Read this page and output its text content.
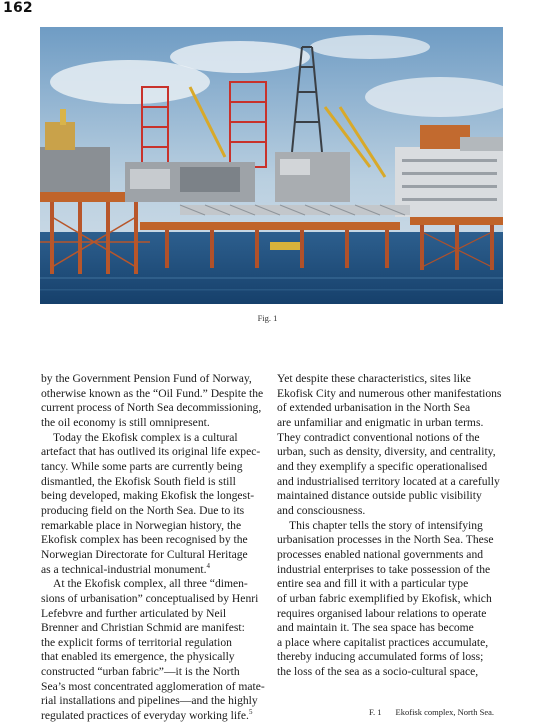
162
Fig. 1
by the Government Pension Fund of Norway,
otherwise known as the “Oil Fund.” Despite the
current process of North Sea decommissioning,
the oil economy is still omnipresent.
Today the Ekofisk complex is a cultural
artefact that has outlived its original life expec-
tancy. While some parts are currently being
dismantled, the Ekofisk South field is still
being developed, making Ekofisk the longest-
producing field on the North Sea. Due to its
remarkable place in Norwegian history, the
Ekofisk complex has been recognised by the
Norwegian Directorate for Cultural Heritage
as a technical-industrial monument.$^4$
At the Ekofisk complex, all three “dimen-
sions of urbanisation” conceptualised by Henri
Lefebvre and further articulated by Neil
Brenner and Christian Schmid are manifest:
the explicit forms of territorial regulation
that enabled its emergence, the physically
constructed “urban fabric”—it is the North
Sea’s most concentrated agglomeration of mate-
rial installations and pipelines—and the highly
regulated practices of everyday working life.$^5$
Yet despite these characteristics, sites like
Ekofisk City and numerous other manifestations
of extended urbanisation in the North Sea
are unfamiliar and enigmatic in urban terms.
They contradict conventional notions of the
urban, such as density, diversity, and centrality,
and they exemplify a specific operationalised
and industrialised territory located at a carefully
maintained distance outside public visibility
and consciousness.
This chapter tells the story of intensifying
urbanisation processes in the North Sea. These
processes enabled national governments and
industrial enterprises to take possession of the
entire sea and fill it with a particular type
of urban fabric exemplified by Ekofisk, which
requires organised labour relations to operate
and maintain it. The sea space has become
a place where capitalist practices accumulate,
thereby inducing accumulated forms of loss;
the loss of the sea as a socio-cultural space,
F. 1 Ekofisk complex, North Sea.
